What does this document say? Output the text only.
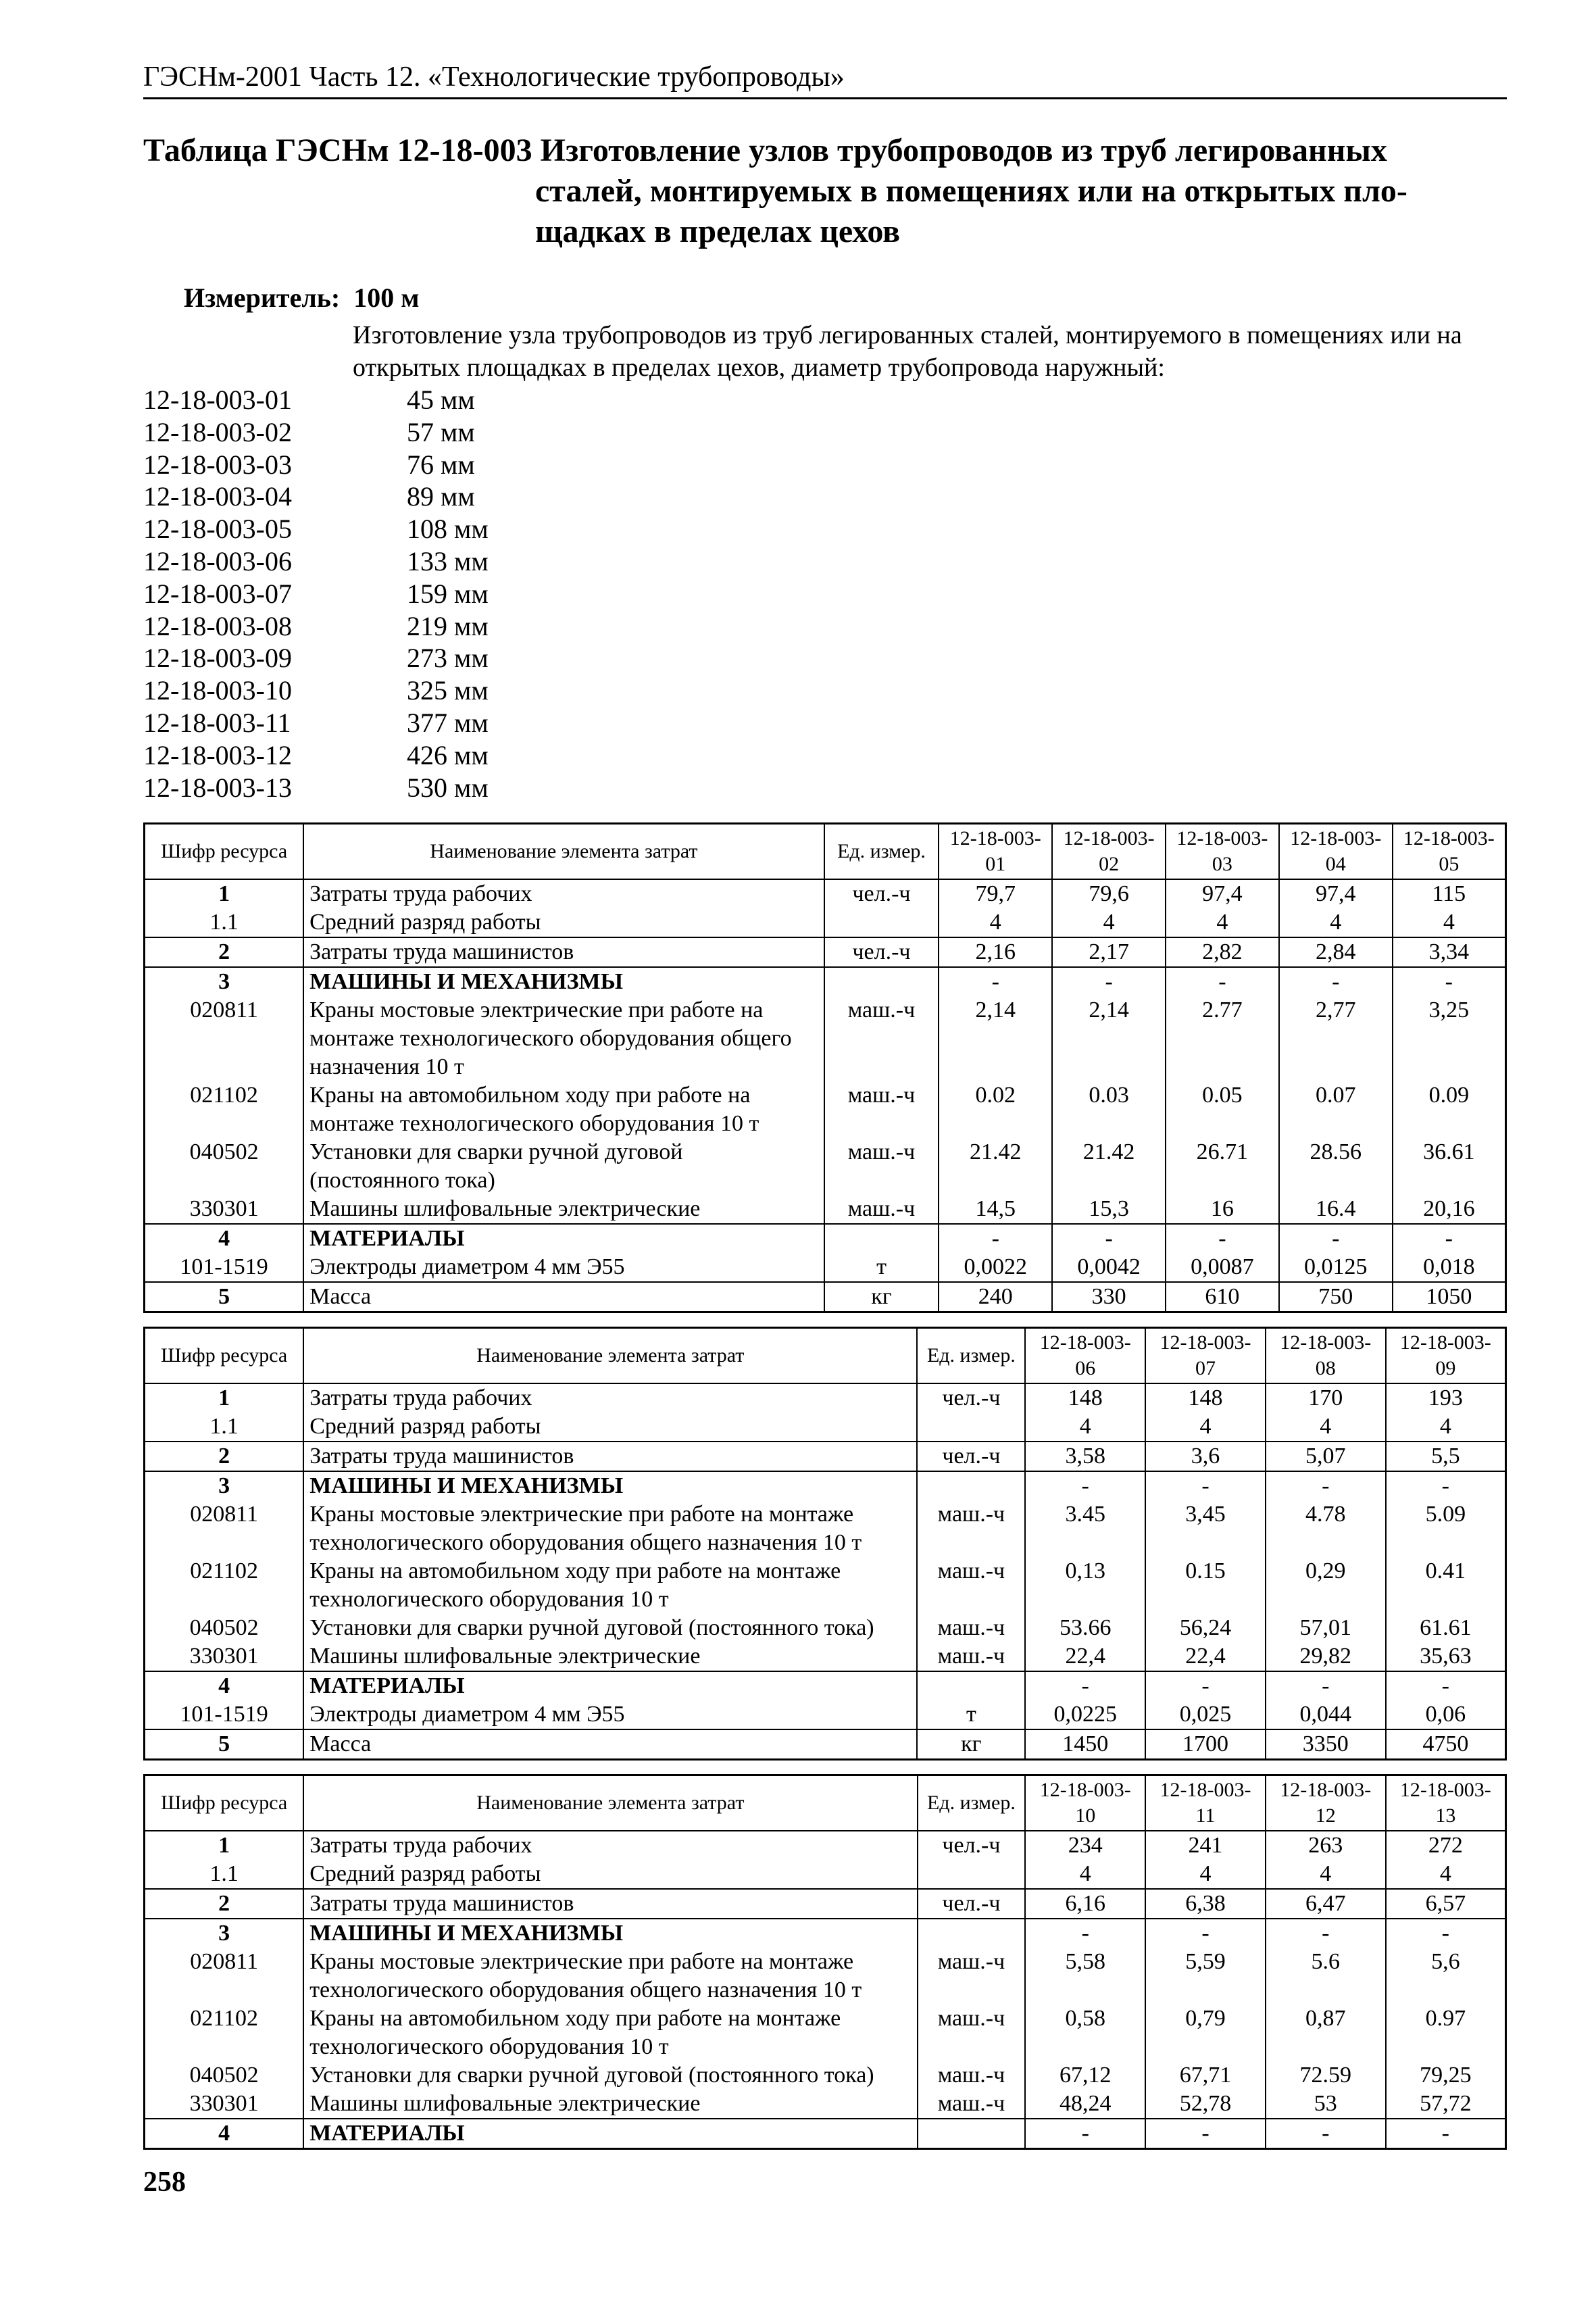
ГЭСНм-2001 Часть 12. «Технологические трубопроводы»
Таблица ГЭСНм 12-18-003 Изготовление узлов трубопроводов из труб легированных
сталей, монтируемых в помещениях или на открытых пло-
щадках в пределах цехов
Измеритель: 100 м
Изготовление узла трубопроводов из труб легированных сталей, монтируемого в помещениях или на открытых площадках в пределах цехов, диаметр трубопровода наружный:
12-18-003-01	45 мм
12-18-003-02	57 мм
12-18-003-03	76 мм
12-18-003-04	89 мм
12-18-003-05	108 мм
12-18-003-06	133 мм
12-18-003-07	159 мм
12-18-003-08	219 мм
12-18-003-09	273 мм
12-18-003-10	325 мм
12-18-003-11	377 мм
12-18-003-12	426 мм
12-18-003-13	530 мм
Шифр ресурса	Наименование элемента затрат	Ед. измер.	12-18-003-01	12-18-003-02	12-18-003-03	12-18-003-04	12-18-003-05
1	Затраты труда рабочих	чел.-ч	79,7	79,6	97,4	97,4	115
1.1	Средний разряд работы		4	4	4	4	4
2	Затраты труда машинистов	чел.-ч	2,16	2,17	2,82	2,84	3,34
3	МАШИНЫ И МЕХАНИЗМЫ		-	-	-	-	-
020811	Краны мостовые электрические при работе на монтаже технологического оборудования общего назначения 10 т	маш.-ч	2,14	2,14	2.77	2,77	3,25
021102	Краны на автомобильном ходу при работе на монтаже технологического оборудования 10 т	маш.-ч	0.02	0.03	0.05	0.07	0.09
040502	Установки для сварки ручной дуговой (постоянного тока)	маш.-ч	21.42	21.42	26.71	28.56	36.61
330301	Машины шлифовальные электрические	маш.-ч	14,5	15,3	16	16.4	20,16
4	МАТЕРИАЛЫ		-	-	-	-	-
101-1519	Электроды диаметром 4 мм Э55	т	0,0022	0,0042	0,0087	0,0125	0,018
5	Масса	кг	240	330	610	750	1050
Шифр ресурса	Наименование элемента затрат	Ед. измер.	12-18-003-06	12-18-003-07	12-18-003-08	12-18-003-09
1	Затраты труда рабочих	чел.-ч	148	148	170	193
1.1	Средний разряд работы		4	4	4	4
2	Затраты труда машинистов	чел.-ч	3,58	3,6	5,07	5,5
3	МАШИНЫ И МЕХАНИЗМЫ		-	-	-	-
020811	Краны мостовые электрические при работе на монтаже технологического оборудования общего назначения 10 т	маш.-ч	3.45	3,45	4.78	5.09
021102	Краны на автомобильном ходу при работе на монтаже технологического оборудования 10 т	маш.-ч	0,13	0.15	0,29	0.41
040502	Установки для сварки ручной дуговой (постоянного тока)	маш.-ч	53.66	56,24	57,01	61.61
330301	Машины шлифовальные электрические	маш.-ч	22,4	22,4	29,82	35,63
4	МАТЕРИАЛЫ		-	-	-	-
101-1519	Электроды диаметром 4 мм Э55	т	0,0225	0,025	0,044	0,06
5	Масса	кг	1450	1700	3350	4750
Шифр ресурса	Наименование элемента затрат	Ед. измер.	12-18-003-10	12-18-003-11	12-18-003-12	12-18-003-13
1	Затраты труда рабочих	чел.-ч	234	241	263	272
1.1	Средний разряд работы		4	4	4	4
2	Затраты труда машинистов	чел.-ч	6,16	6,38	6,47	6,57
3	МАШИНЫ И МЕХАНИЗМЫ		-	-	-	-
020811	Краны мостовые электрические при работе на монтаже технологического оборудования общего назначения 10 т	маш.-ч	5,58	5,59	5.6	5,6
021102	Краны на автомобильном ходу при работе на монтаже технологического оборудования 10 т	маш.-ч	0,58	0,79	0,87	0.97
040502	Установки для сварки ручной дуговой (постоянного тока)	маш.-ч	67,12	67,71	72.59	79,25
330301	Машины шлифовальные электрические	маш.-ч	48,24	52,78	53	57,72
4	МАТЕРИАЛЫ		-	-	-	-
258
